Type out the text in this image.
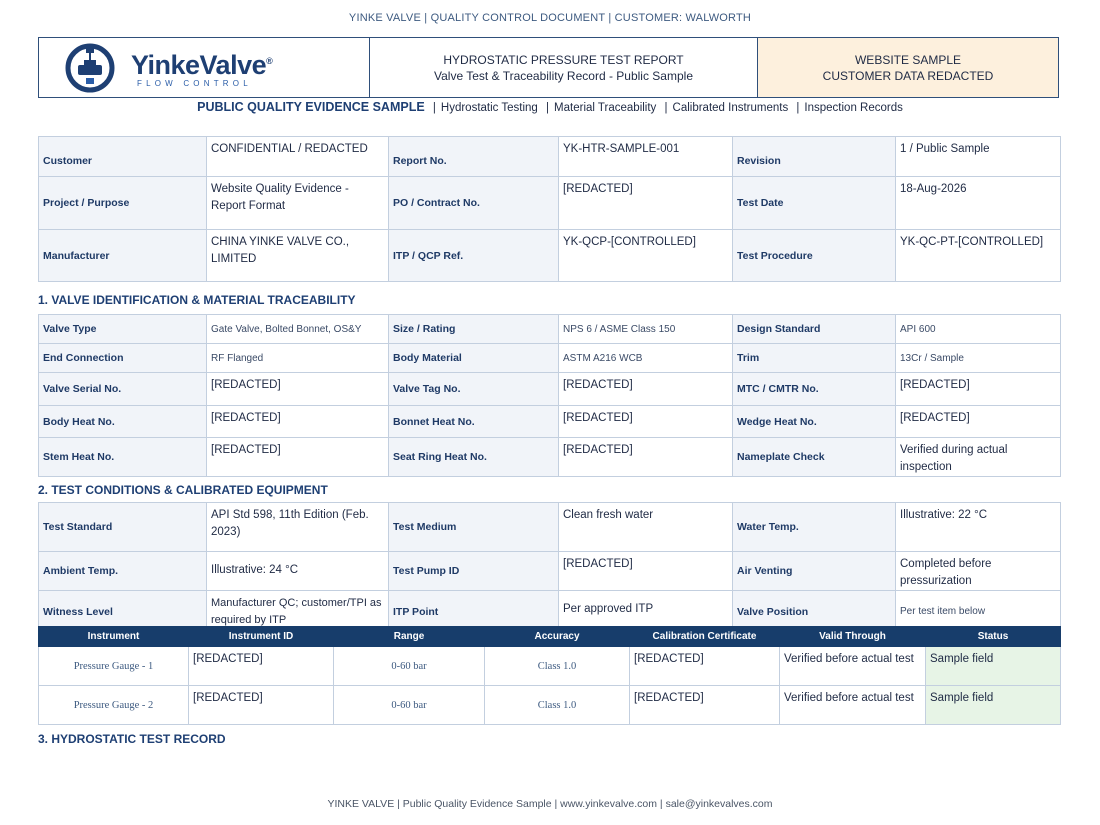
YINKE VALVE | QUALITY CONTROL DOCUMENT | CUSTOMER: WALWORTH
YinkeValve®
FLOW CONTROL
HYDROSTATIC PRESSURE TEST REPORT
Valve Test & Traceability Record - Public Sample
WEBSITE SAMPLE
CUSTOMER DATA REDACTED
PUBLIC QUALITY EVIDENCE SAMPLE | Hydrostatic Testing | Material Traceability | Calibrated Instruments | Inspection Records
Customer	CONFIDENTIAL / REDACTED	Report No.	YK-HTR-SAMPLE-001	Revision	1 / Public Sample
Project / Purpose	Website Quality Evidence - Report Format	PO / Contract No.	[REDACTED]	Test Date	18-Aug-2026
Manufacturer	CHINA YINKE VALVE CO., LIMITED	ITP / QCP Ref.	YK-QCP-[CONTROLLED]	Test Procedure	YK-QC-PT-[CONTROLLED]
1. VALVE IDENTIFICATION & MATERIAL TRACEABILITY
Valve Type	Gate Valve, Bolted Bonnet, OS&Y	Size / Rating	NPS 6 / ASME Class 150	Design Standard	API 600
End Connection	RF Flanged	Body Material	ASTM A216 WCB	Trim	13Cr / Sample
Valve Serial No.	[REDACTED]	Valve Tag No.	[REDACTED]	MTC / CMTR No.	[REDACTED]
Body Heat No.	[REDACTED]	Bonnet Heat No.	[REDACTED]	Wedge Heat No.	[REDACTED]
Stem Heat No.	[REDACTED]	Seat Ring Heat No.	[REDACTED]	Nameplate Check	Verified during actual inspection
2. TEST CONDITIONS & CALIBRATED EQUIPMENT
Test Standard	API Std 598, 11th Edition (Feb. 2023)	Test Medium	Clean fresh water	Water Temp.	Illustrative: 22 °C
Ambient Temp.	Illustrative: 24 °C	Test Pump ID	[REDACTED]	Air Venting	Completed before pressurization
Witness Level	Manufacturer QC; customer/TPI as required by ITP	ITP Point	Per approved ITP	Valve Position	Per test item below
Instrument	Instrument ID	Range	Accuracy	Calibration Certificate	Valid Through	Status
Pressure Gauge - 1	[REDACTED]	0-60 bar	Class 1.0	[REDACTED]	Verified before actual test	Sample field
Pressure Gauge - 2	[REDACTED]	0-60 bar	Class 1.0	[REDACTED]	Verified before actual test	Sample field
3. HYDROSTATIC TEST RECORD
YINKE VALVE | Public Quality Evidence Sample | www.yinkevalve.com | sale@yinkevalves.com
